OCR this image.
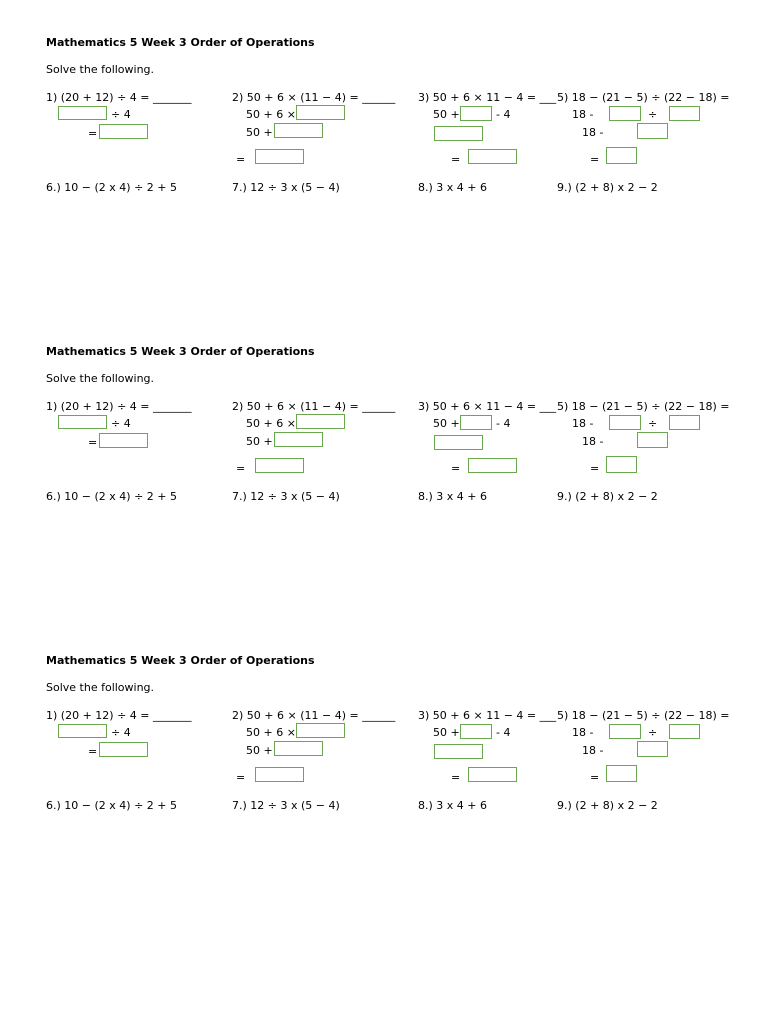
Mathematics 5 Week 3 Order of Operations
Solve the following.
1) (20 + 12) ÷ 4 = _______
÷ 4
=
2) 50 + 6 × (11 − 4) = ______
50 + 6 ×
50 +
=
3) 50 + 6 × 11 − 4 = ___
50 +	- 4
=
5) 18 − (21 − 5) ÷ (22 − 18) =
18 -	÷
18 -
=
6.) 10 − (2 x 4) ÷ 2 + 5	7.) 12 ÷ 3 x (5 − 4)	8.) 3 x 4 + 6	9.) (2 + 8) x 2 − 2
Mathematics 5 Week 3 Order of Operations
Solve the following.
1) (20 + 12) ÷ 4 = _______
÷ 4
=
2) 50 + 6 × (11 − 4) = ______
50 + 6 ×
50 +
=
3) 50 + 6 × 11 − 4 = ___
50 +	- 4
=
5) 18 − (21 − 5) ÷ (22 − 18) =
18 -	÷
18 -
=
6.) 10 − (2 x 4) ÷ 2 + 5	7.) 12 ÷ 3 x (5 − 4)	8.) 3 x 4 + 6	9.) (2 + 8) x 2 − 2
Mathematics 5 Week 3 Order of Operations
Solve the following.
1) (20 + 12) ÷ 4 = _______
÷ 4
=
2) 50 + 6 × (11 − 4) = ______
50 + 6 ×
50 +
=
3) 50 + 6 × 11 − 4 = ___
50 +	- 4
=
5) 18 − (21 − 5) ÷ (22 − 18) =
18 -	÷
18 -
=
6.) 10 − (2 x 4) ÷ 2 + 5	7.) 12 ÷ 3 x (5 − 4)	8.) 3 x 4 + 6	9.) (2 + 8) x 2 − 2
